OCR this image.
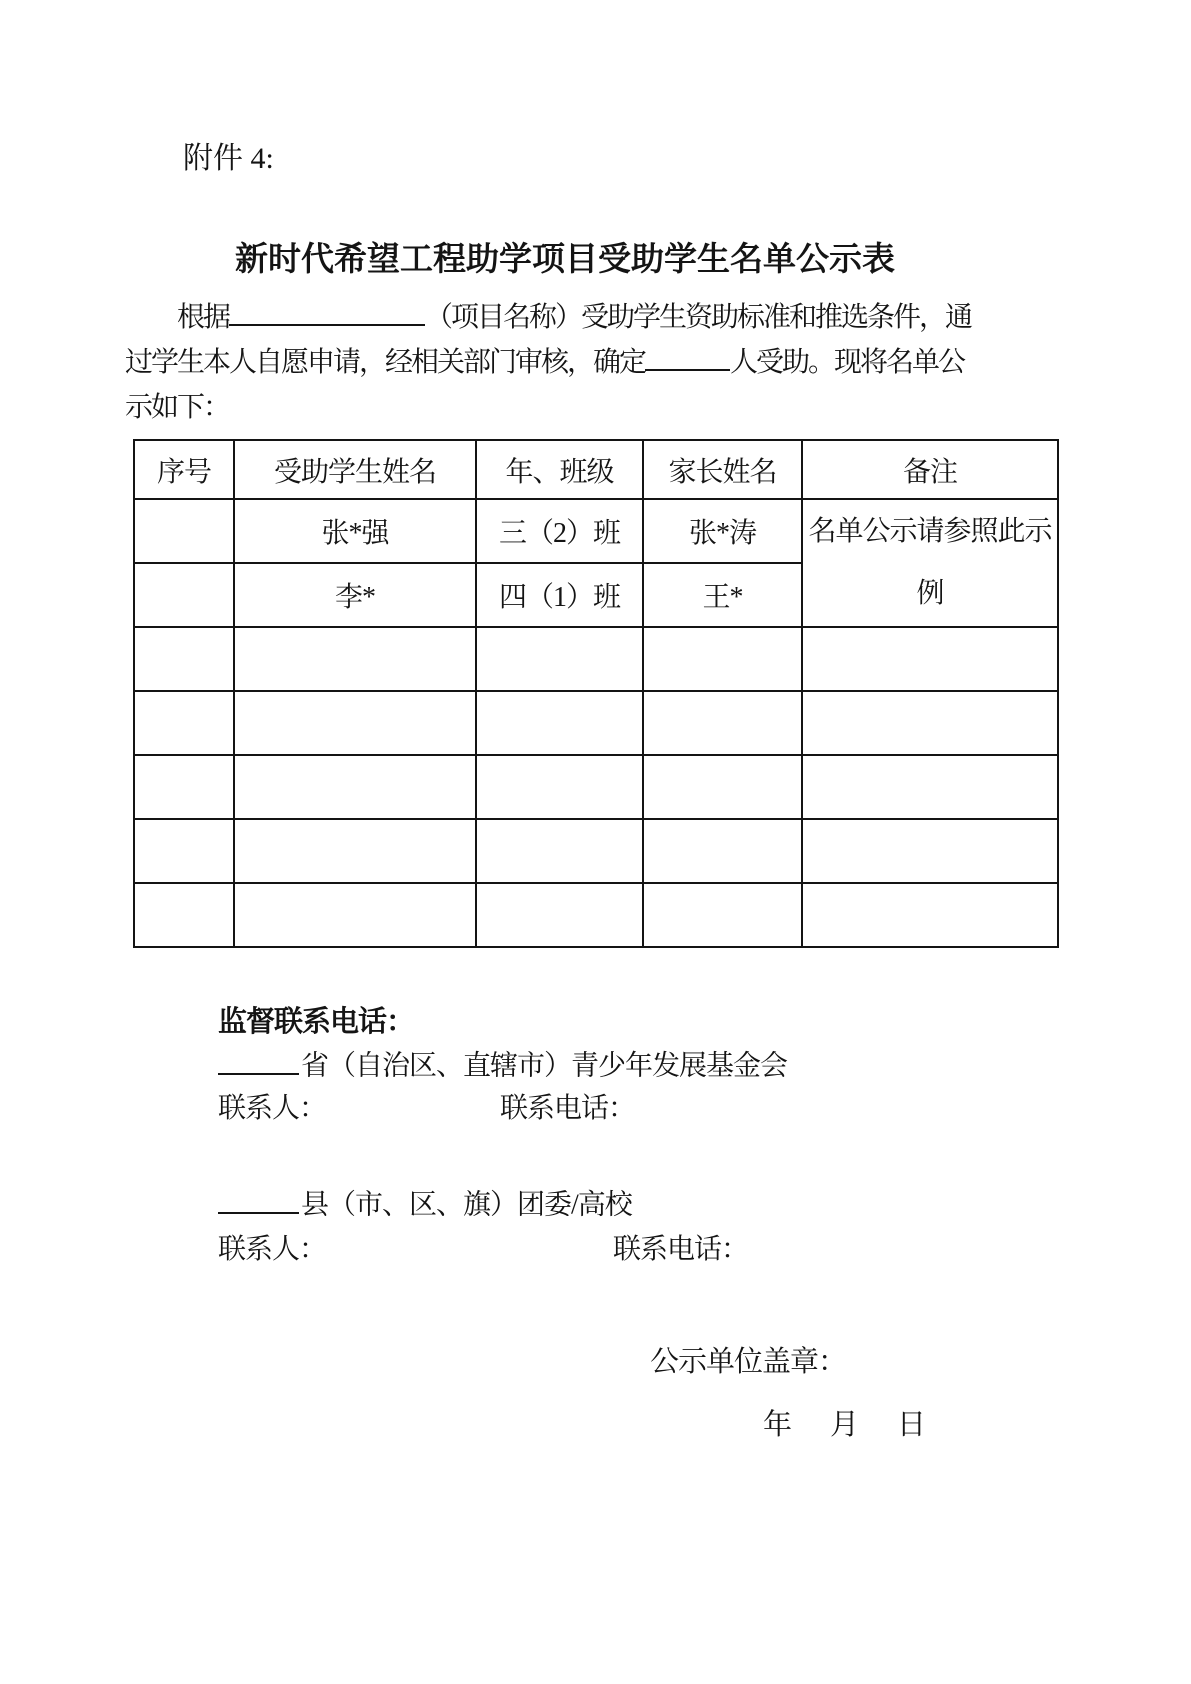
附件 4:
新时代希望工程助学项目受助学生名单公示表
根据	（项目名称）受助学生资助标准和推选条件，通
过学生本人自愿申请，经相关部门审核，确定	人受助。现将名单公
示如下：
序号	受助学生姓名	年、班级	家长姓名	备注
	张*强	三（2）班	张*涛	名单公示请参照此示例
	李*	四（1）班	王*	

监督联系电话：
省（自治区、直辖市）青少年发展基金会
联系人：	联系电话：
县（市、区、旗）团委/高校
联系人：	联系电话：
公示单位盖章：
年 月 日
